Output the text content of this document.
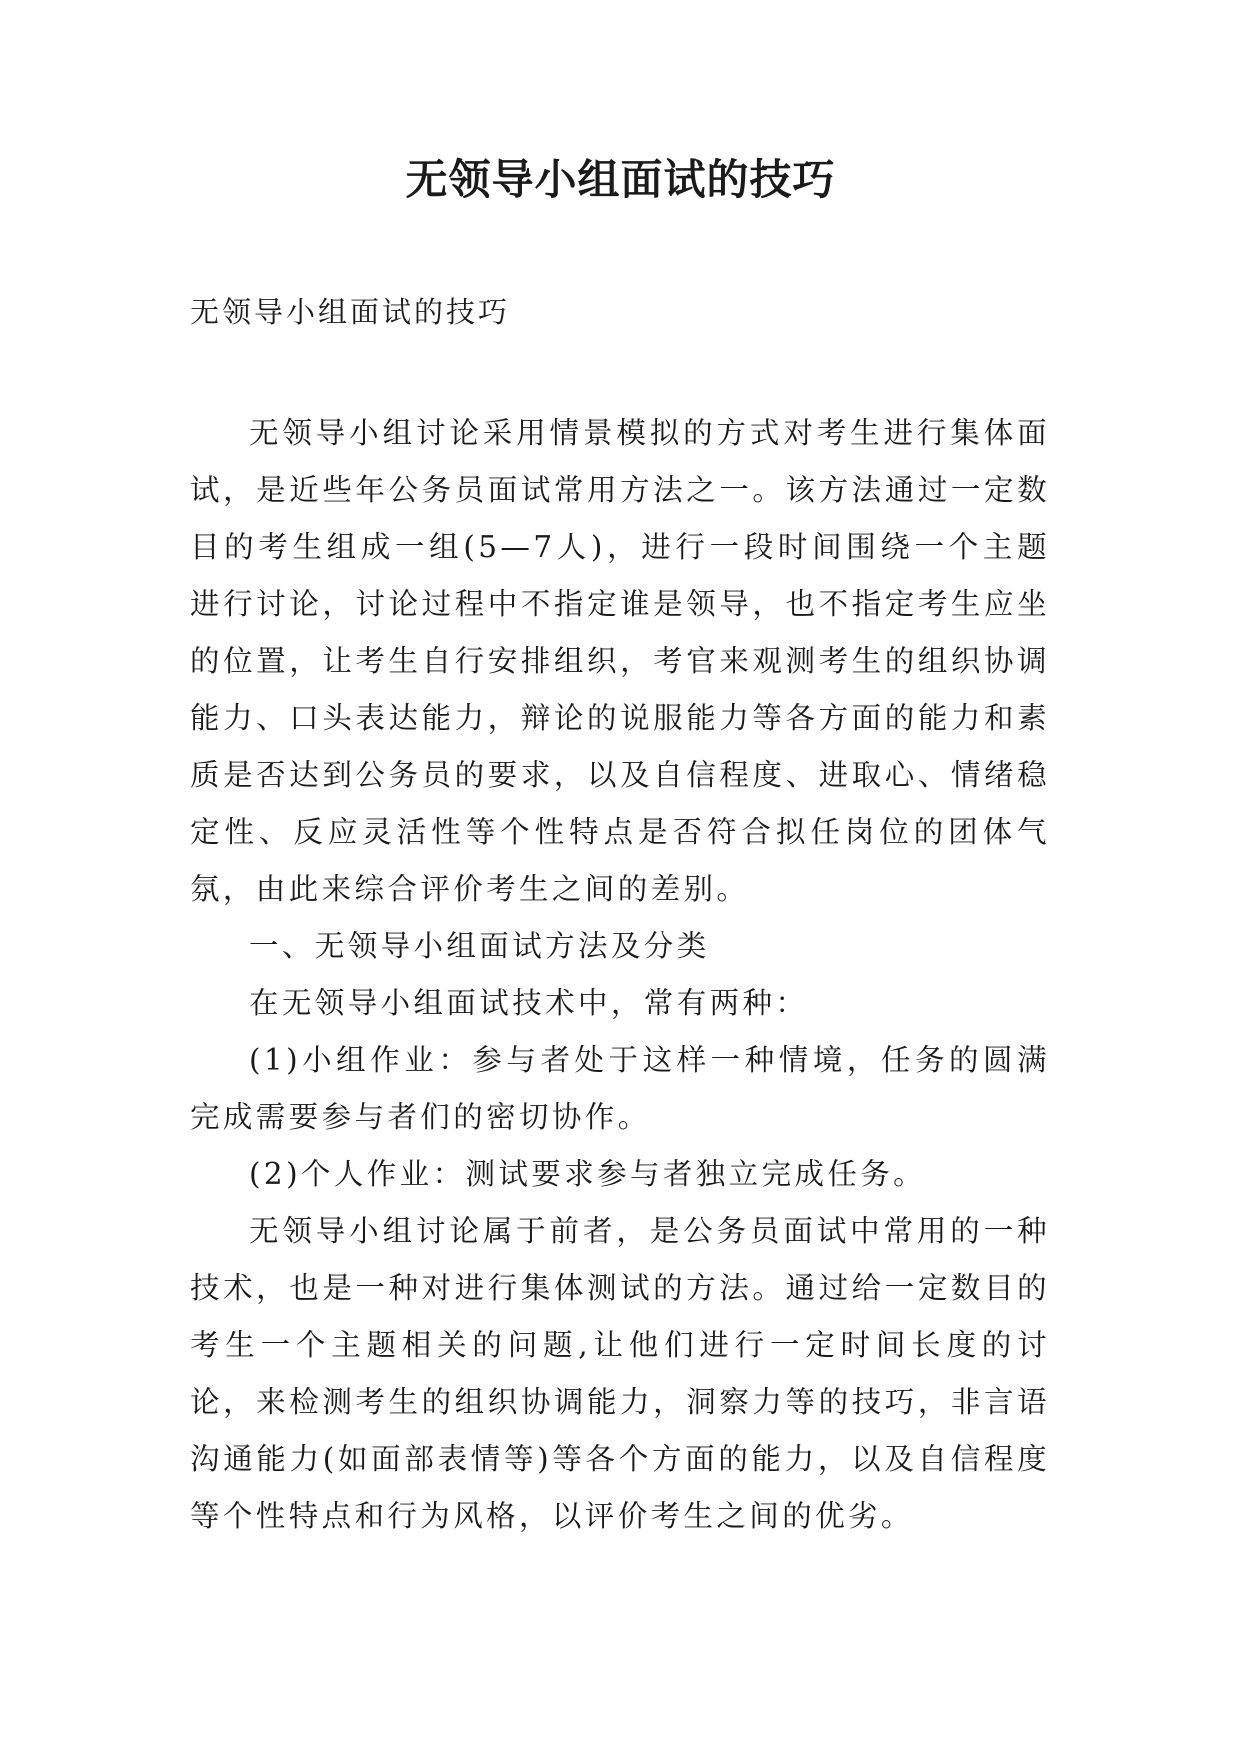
无领导小组面试的技巧

无领导小组面试的技巧

无领导小组讨论采用情景模拟的方式对考生进行集体面试，是近些年公务员面试常用方法之一。该方法通过一定数目的考生组成一组(5—7人)，进行一段时间围绕一个主题进行讨论，讨论过程中不指定谁是领导，也不指定考生应坐的位置，让考生自行安排组织，考官来观测考生的组织协调能力、口头表达能力，辩论的说服能力等各方面的能力和素质是否达到公务员的要求，以及自信程度、进取心、情绪稳定性、反应灵活性等个性特点是否符合拟任岗位的团体气氛，由此来综合评价考生之间的差别。

一、无领导小组面试方法及分类

在无领导小组面试技术中，常有两种：

(1)小组作业：参与者处于这样一种情境，任务的圆满完成需要参与者们的密切协作。

(2)个人作业：测试要求参与者独立完成任务。

无领导小组讨论属于前者，是公务员面试中常用的一种技术，也是一种对进行集体测试的方法。通过给一定数目的考生一个主题相关的问题,让他们进行一定时间长度的讨论，来检测考生的组织协调能力，洞察力等的技巧，非言语沟通能力(如面部表情等)等各个方面的能力，以及自信程度等个性特点和行为风格，以评价考生之间的优劣。
